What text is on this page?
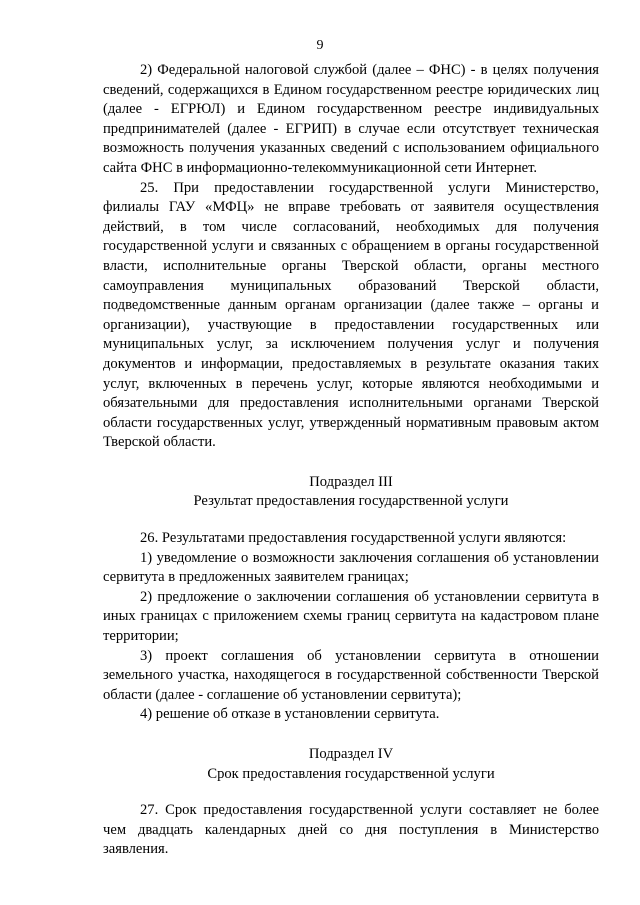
9

2) Федеральной налоговой службой (далее – ФНС) - в целях получения сведений, содержащихся в Едином государственном реестре юридических лиц (далее - ЕГРЮЛ) и Едином государственном реестре индивидуальных предпринимателей (далее - ЕГРИП) в случае если отсутствует техническая возможность получения указанных сведений с использованием официального сайта ФНС в информационно-телекоммуникационной сети Интернет.

25. При предоставлении государственной услуги Министерство, филиалы ГАУ «МФЦ» не вправе требовать от заявителя осуществления действий, в том числе согласований, необходимых для получения государственной услуги и связанных с обращением в органы государственной власти, исполнительные органы Тверской области, органы местного самоуправления муниципальных образований Тверской области, подведомственные данным органам организации (далее также – органы и организации), участвующие в предоставлении государственных или муниципальных услуг, за исключением получения услуг и получения документов и информации, предоставляемых в результате оказания таких услуг, включенных в перечень услуг, которые являются необходимыми и обязательными для предоставления исполнительными органами Тверской области государственных услуг, утвержденный нормативным правовым актом Тверской области.

Подраздел III
Результат предоставления государственной услуги

26. Результатами предоставления государственной услуги являются:

1) уведомление о возможности заключения соглашения об установлении сервитута в предложенных заявителем границах;

2) предложение о заключении соглашения об установлении сервитута в иных границах с приложением схемы границ сервитута на кадастровом плане территории;

3) проект соглашения об установлении сервитута в отношении земельного участка, находящегося в государственной собственности Тверской области (далее - соглашение об установлении сервитута);

4) решение об отказе в установлении сервитута.

Подраздел IV
Срок предоставления государственной услуги

27. Срок предоставления государственной услуги составляет не более чем двадцать календарных дней со дня поступления в Министерство заявления.
